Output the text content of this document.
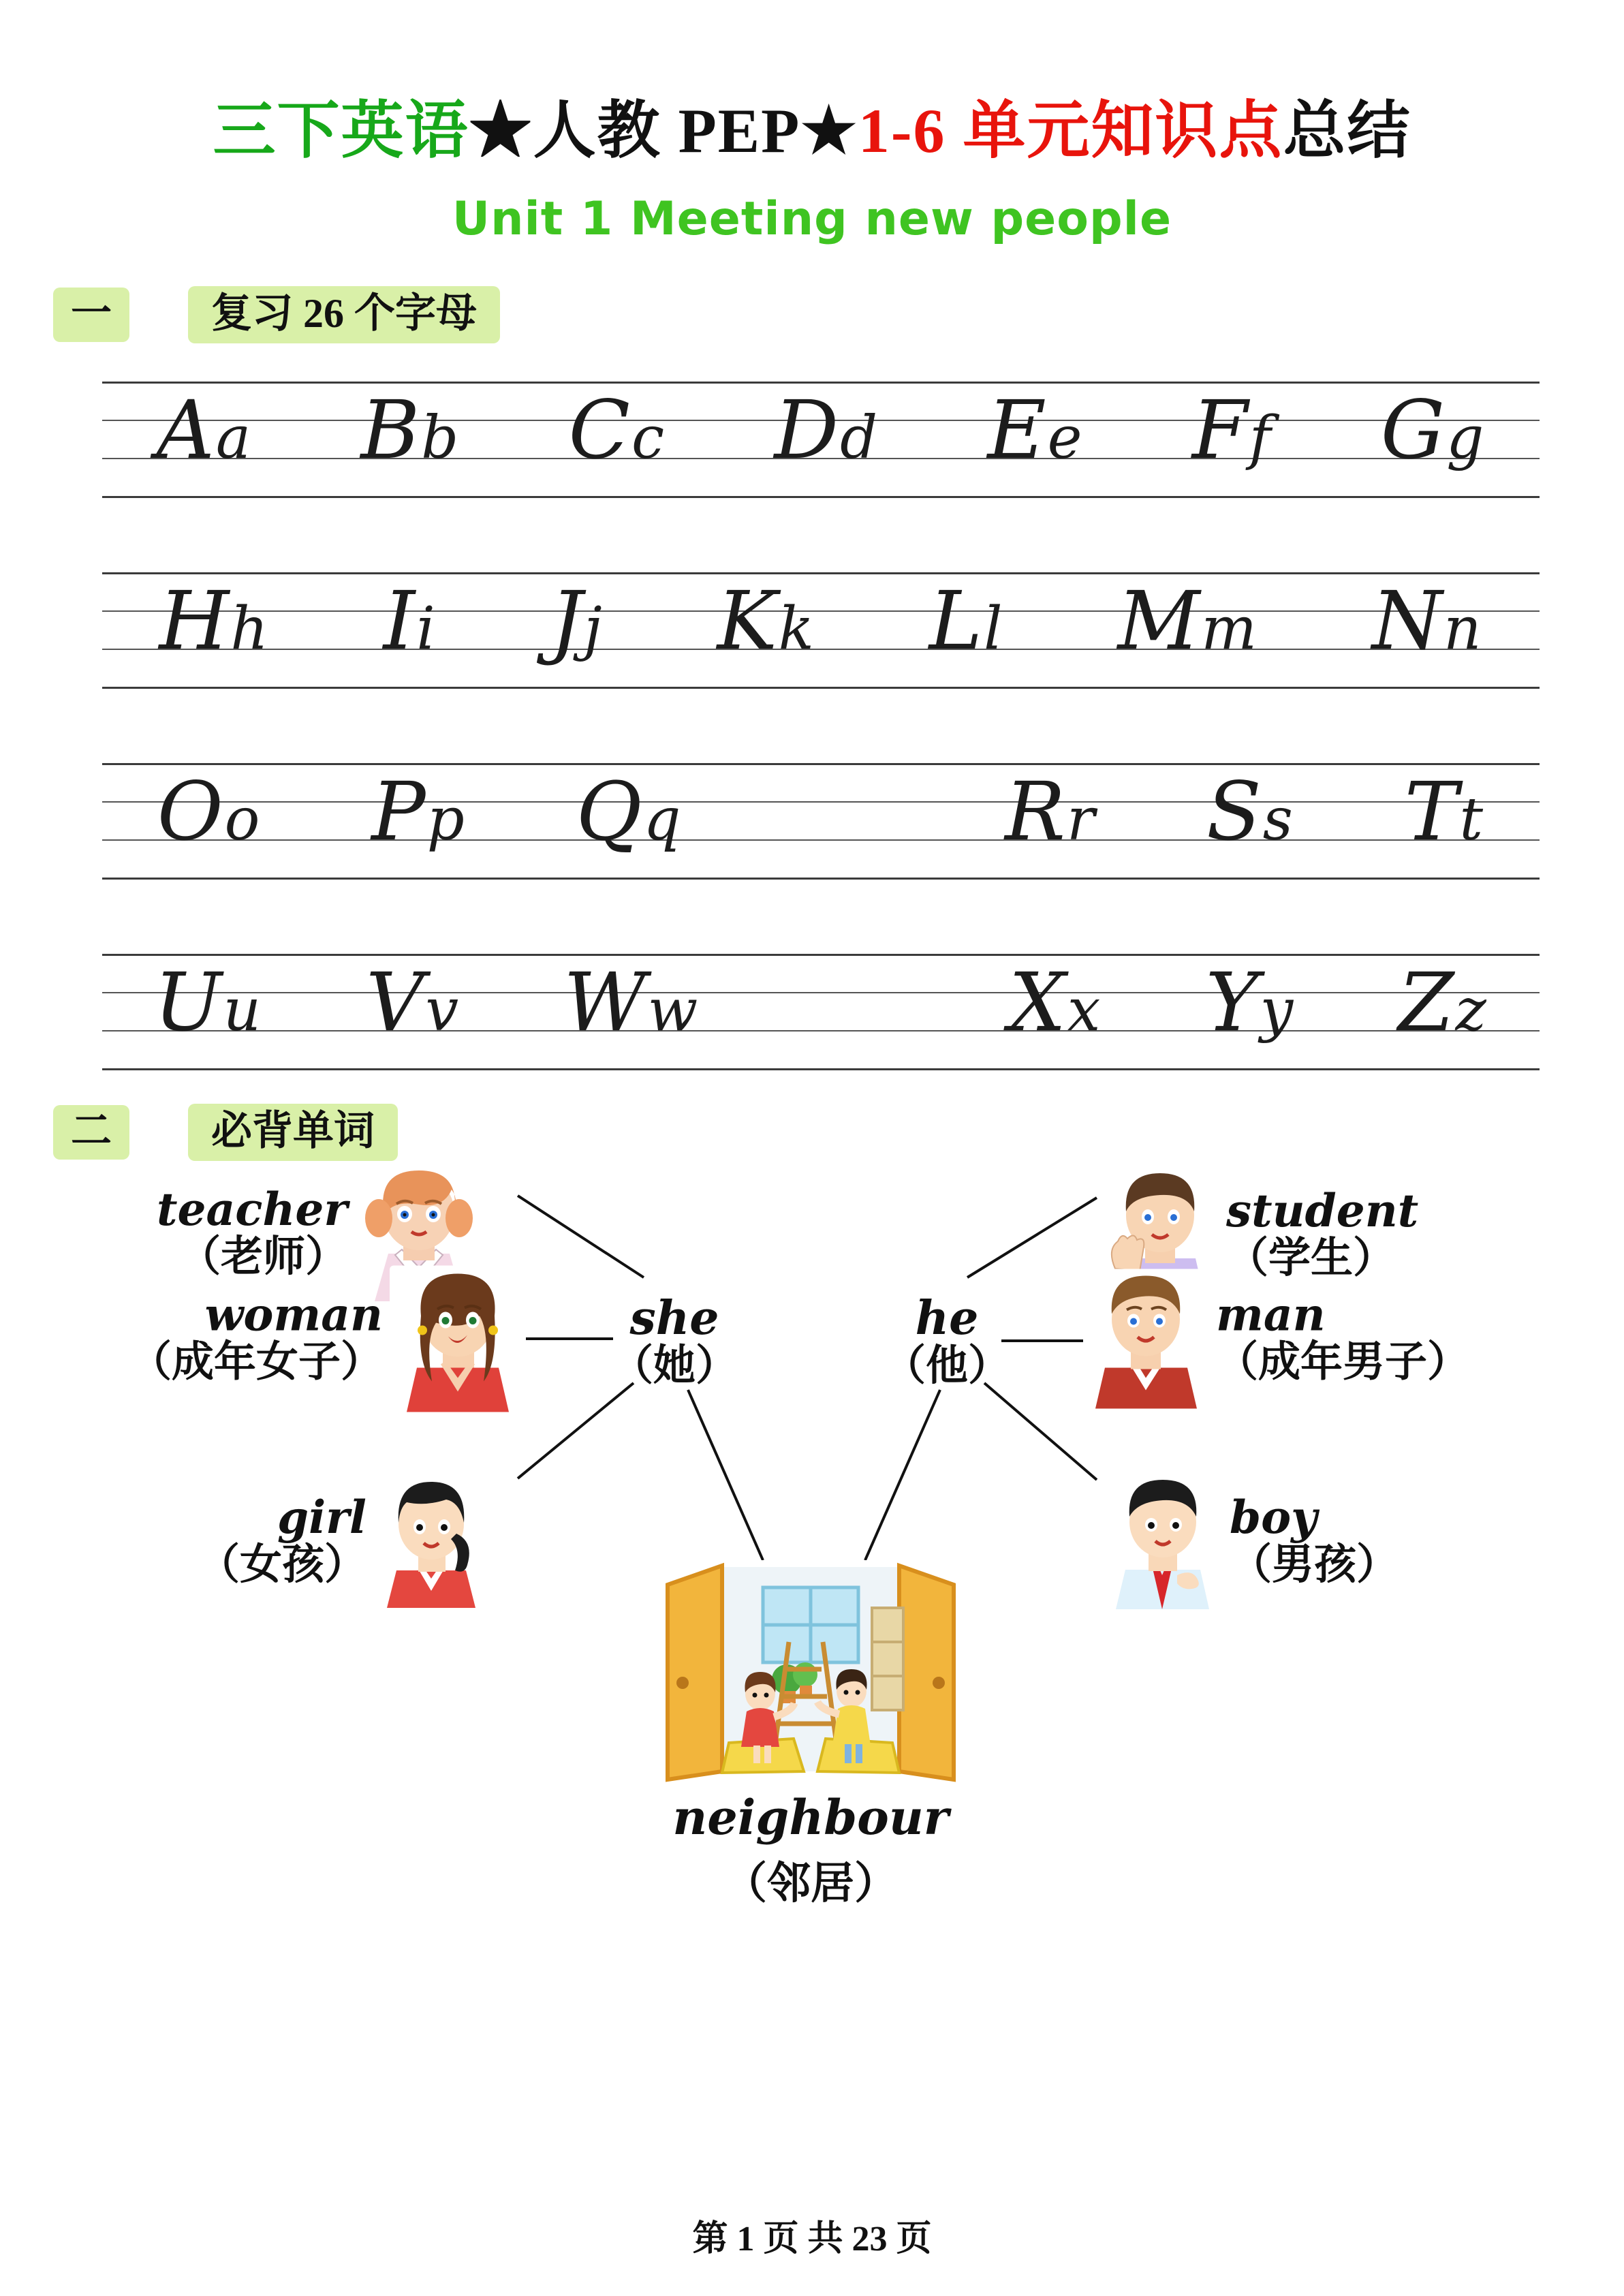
三下英语★人教 PEP★1-6 单元知识点总结
Unit 1 Meeting new people
一	复习 26 个字母
Aa Bb Cc Dd Ee Ff Gg
Hh Ii Jj Kk Ll Mm Nn
Oo Pp Qq	Rr Ss Tt
Uu Vv Ww	Xx Yy Zz
二	必背单词
teacher
（老师）
student
（学生）
woman
（成年女子）
man
（成年男子）
girl
（女孩）
boy
（男孩）
she
（她）
he
（他）
neighbour
（邻居）
第 1 页 共 23 页
